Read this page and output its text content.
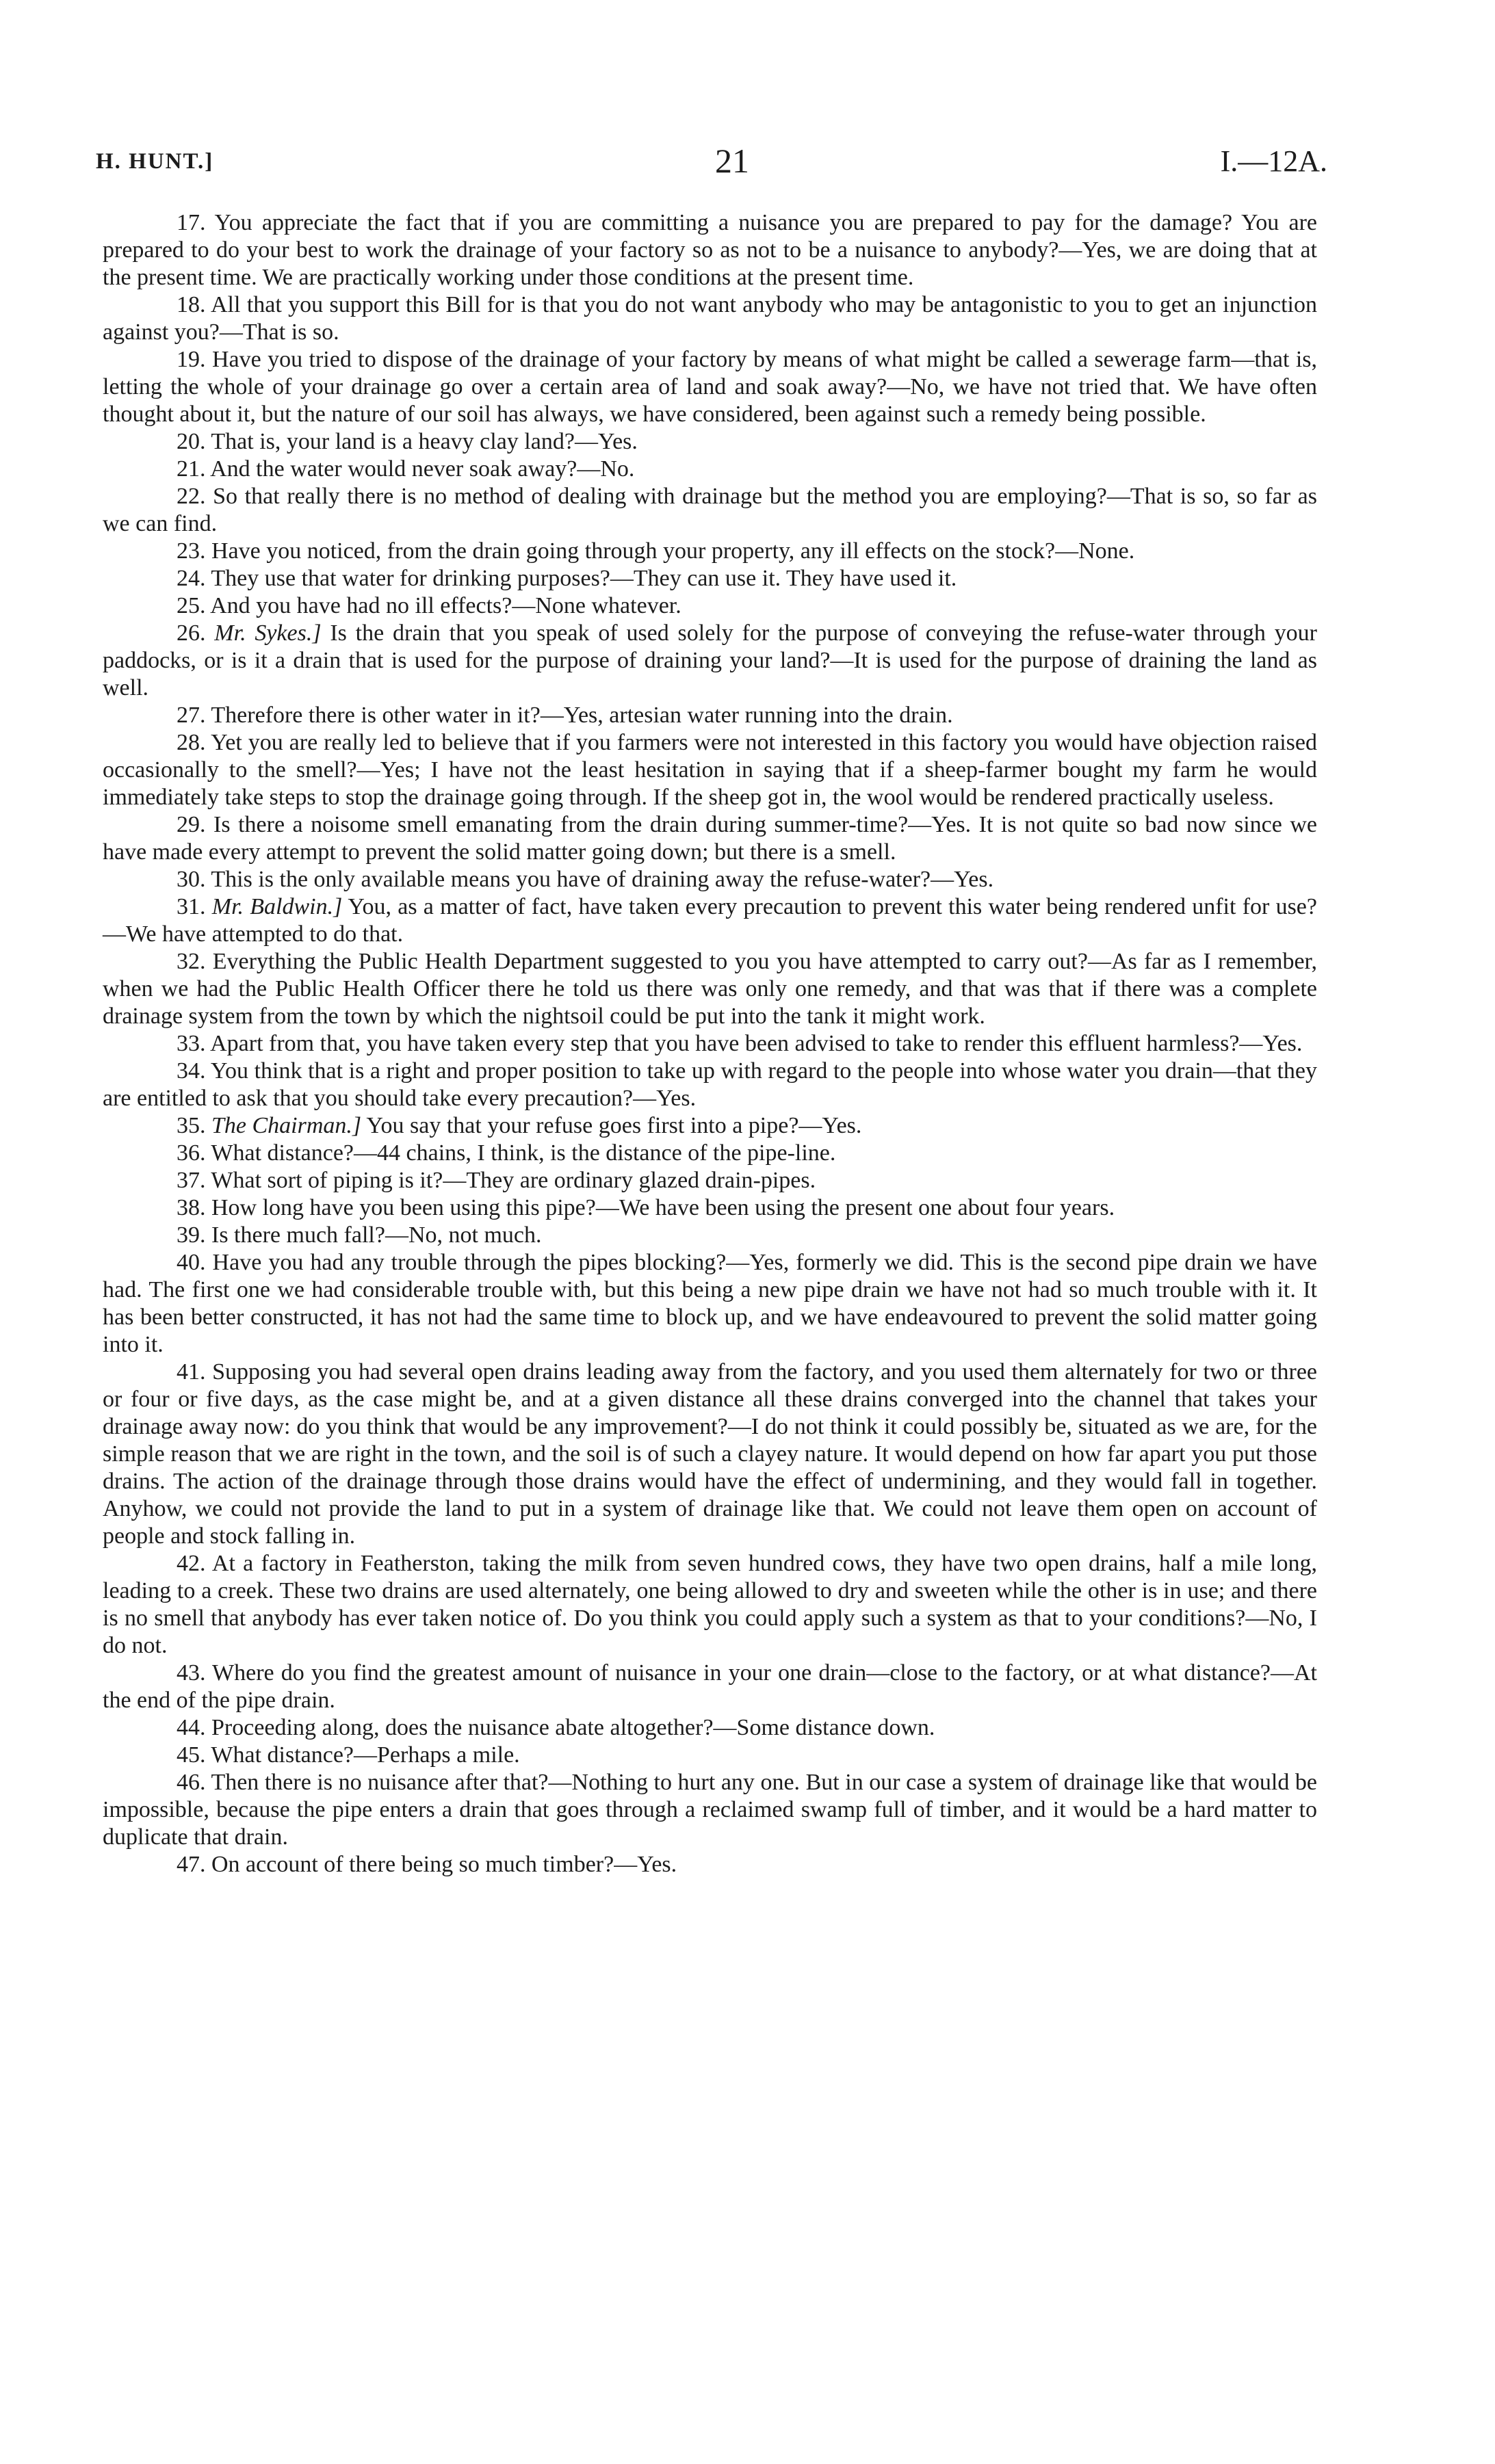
H. HUNT.]	21	I.—12A.

17. You appreciate the fact that if you are committing a nuisance you are prepared to pay for the damage? You are prepared to do your best to work the drainage of your factory so as not to be a nuisance to anybody?—Yes, we are doing that at the present time. We are practically working under those conditions at the present time.

18. All that you support this Bill for is that you do not want anybody who may be antagonistic to you to get an injunction against you?—That is so.

19. Have you tried to dispose of the drainage of your factory by means of what might be called a sewerage farm—that is, letting the whole of your drainage go over a certain area of land and soak away?—No, we have not tried that. We have often thought about it, but the nature of our soil has always, we have considered, been against such a remedy being possible.

20. That is, your land is a heavy clay land?—Yes.

21. And the water would never soak away?—No.

22. So that really there is no method of dealing with drainage but the method you are employing?—That is so, so far as we can find.

23. Have you noticed, from the drain going through your property, any ill effects on the stock?—None.

24. They use that water for drinking purposes?—They can use it. They have used it.

25. And you have had no ill effects?—None whatever.

26. Mr. Sykes.] Is the drain that you speak of used solely for the purpose of conveying the refuse-water through your paddocks, or is it a drain that is used for the purpose of draining your land?—It is used for the purpose of draining the land as well.

27. Therefore there is other water in it?—Yes, artesian water running into the drain.

28. Yet you are really led to believe that if you farmers were not interested in this factory you would have objection raised occasionally to the smell?—Yes; I have not the least hesitation in saying that if a sheep-farmer bought my farm he would immediately take steps to stop the drainage going through. If the sheep got in, the wool would be rendered practically useless.

29. Is there a noisome smell emanating from the drain during summer-time?—Yes. It is not quite so bad now since we have made every attempt to prevent the solid matter going down; but there is a smell.

30. This is the only available means you have of draining away the refuse-water?—Yes.

31. Mr. Baldwin.] You, as a matter of fact, have taken every precaution to prevent this water being rendered unfit for use?—We have attempted to do that.

32. Everything the Public Health Department suggested to you you have attempted to carry out?—As far as I remember, when we had the Public Health Officer there he told us there was only one remedy, and that was that if there was a complete drainage system from the town by which the nightsoil could be put into the tank it might work.

33. Apart from that, you have taken every step that you have been advised to take to render this effluent harmless?—Yes.

34. You think that is a right and proper position to take up with regard to the people into whose water you drain—that they are entitled to ask that you should take every precaution?—Yes.

35. The Chairman.] You say that your refuse goes first into a pipe?—Yes.

36. What distance?—44 chains, I think, is the distance of the pipe-line.

37. What sort of piping is it?—They are ordinary glazed drain-pipes.

38. How long have you been using this pipe?—We have been using the present one about four years.

39. Is there much fall?—No, not much.

40. Have you had any trouble through the pipes blocking?—Yes, formerly we did. This is the second pipe drain we have had. The first one we had considerable trouble with, but this being a new pipe drain we have not had so much trouble with it. It has been better constructed, it has not had the same time to block up, and we have endeavoured to prevent the solid matter going into it.

41. Supposing you had several open drains leading away from the factory, and you used them alternately for two or three or four or five days, as the case might be, and at a given distance all these drains converged into the channel that takes your drainage away now: do you think that would be any improvement?—I do not think it could possibly be, situated as we are, for the simple reason that we are right in the town, and the soil is of such a clayey nature. It would depend on how far apart you put those drains. The action of the drainage through those drains would have the effect of undermining, and they would fall in together. Anyhow, we could not provide the land to put in a system of drainage like that. We could not leave them open on account of people and stock falling in.

42. At a factory in Featherston, taking the milk from seven hundred cows, they have two open drains, half a mile long, leading to a creek. These two drains are used alternately, one being allowed to dry and sweeten while the other is in use; and there is no smell that anybody has ever taken notice of. Do you think you could apply such a system as that to your conditions?—No, I do not.

43. Where do you find the greatest amount of nuisance in your one drain—close to the factory, or at what distance?—At the end of the pipe drain.

44. Proceeding along, does the nuisance abate altogether?—Some distance down.

45. What distance?—Perhaps a mile.

46. Then there is no nuisance after that?—Nothing to hurt any one. But in our case a system of drainage like that would be impossible, because the pipe enters a drain that goes through a reclaimed swamp full of timber, and it would be a hard matter to duplicate that drain.

47. On account of there being so much timber?—Yes.
